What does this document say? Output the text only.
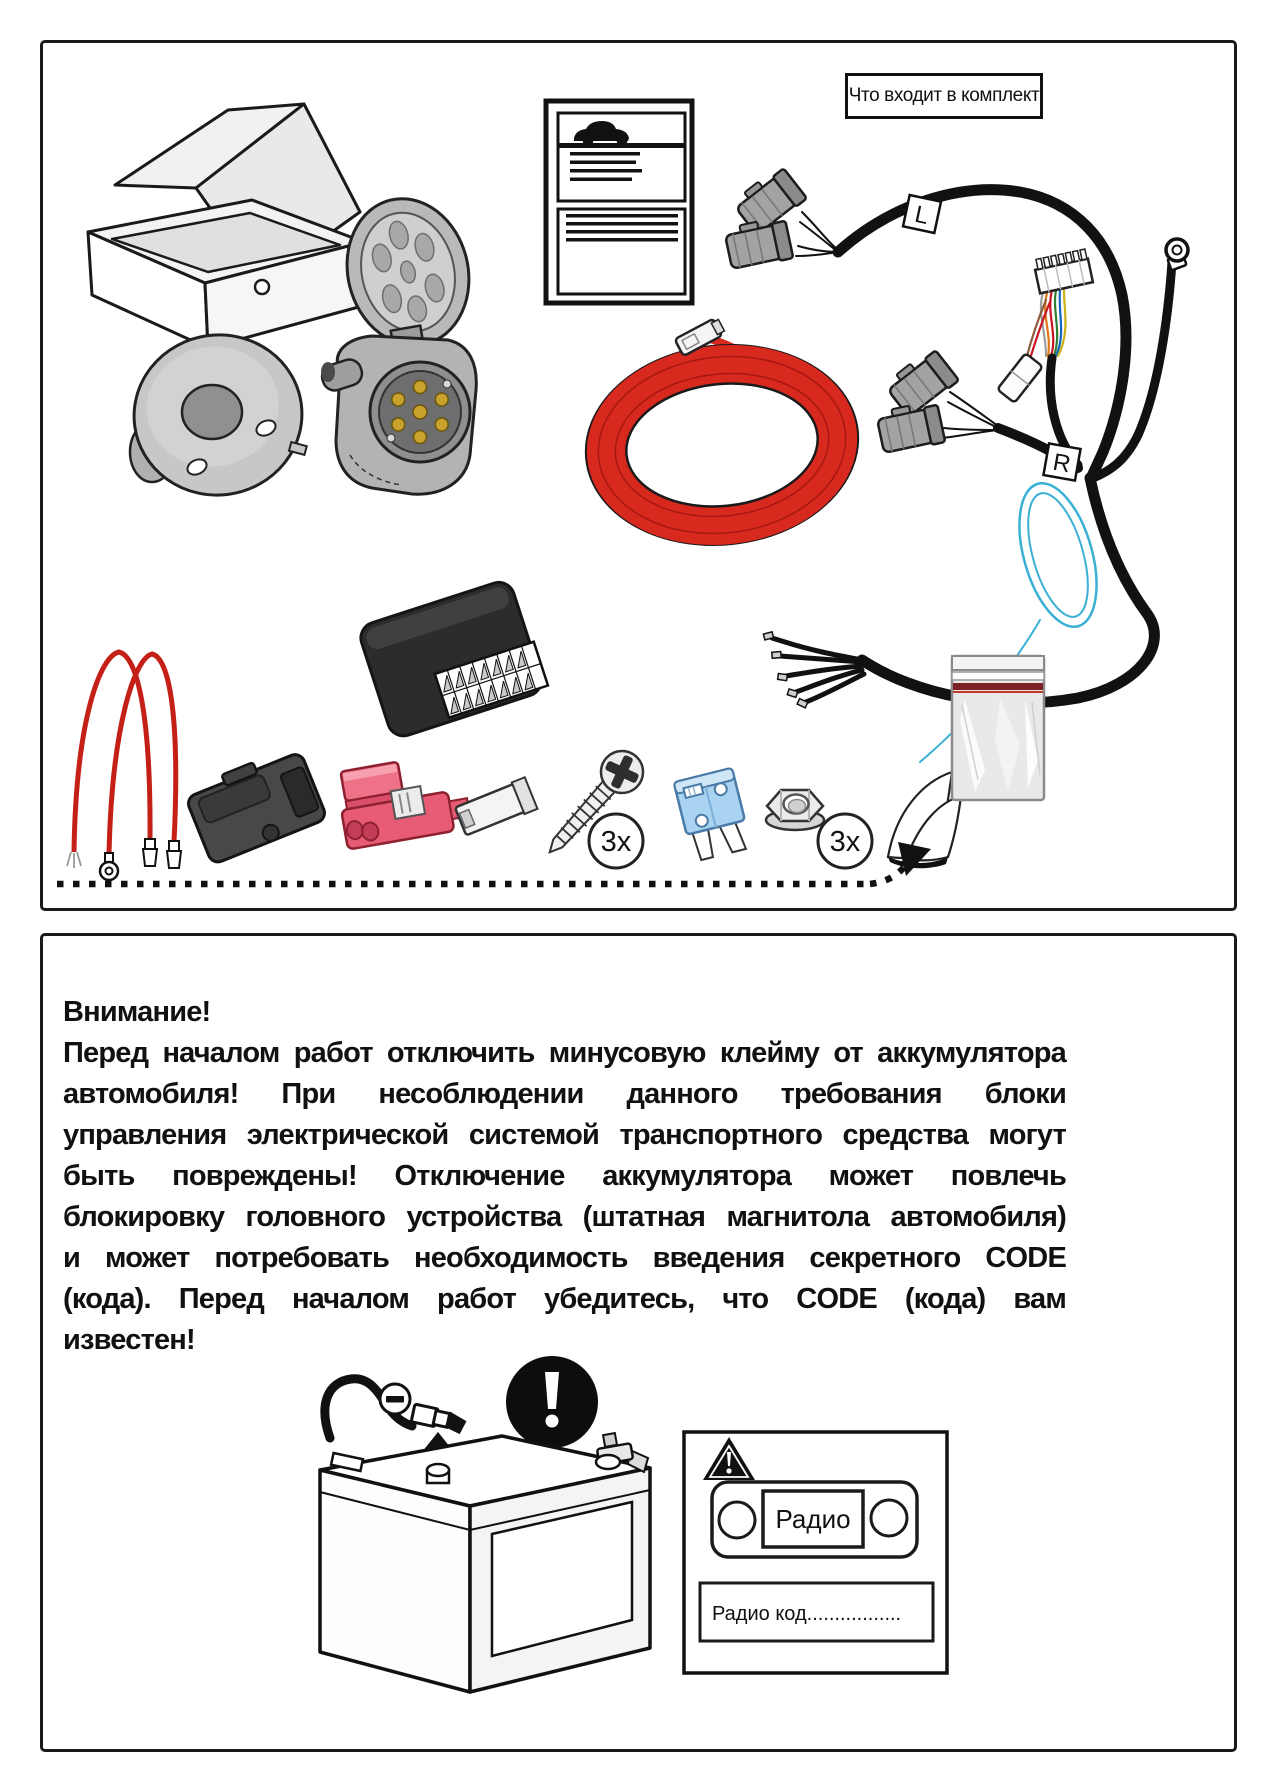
Что входит в комплект
L
R
3x	3x
Радио
Радио код.................
Внимание!
Перед началом работ отключить минусовую клейму от аккумулятора
автомобиля! При несоблюдении данного требования блоки
управления электрической системой транспортного средства могут
быть повреждены! Отключение аккумулятора может повлечь
блокировку головного устройства (штатная магнитола автомобиля)
и может потребовать необходимость введения секретного CODE
(кода). Перед началом работ убедитесь, что CODE (кода) вам
известен!
